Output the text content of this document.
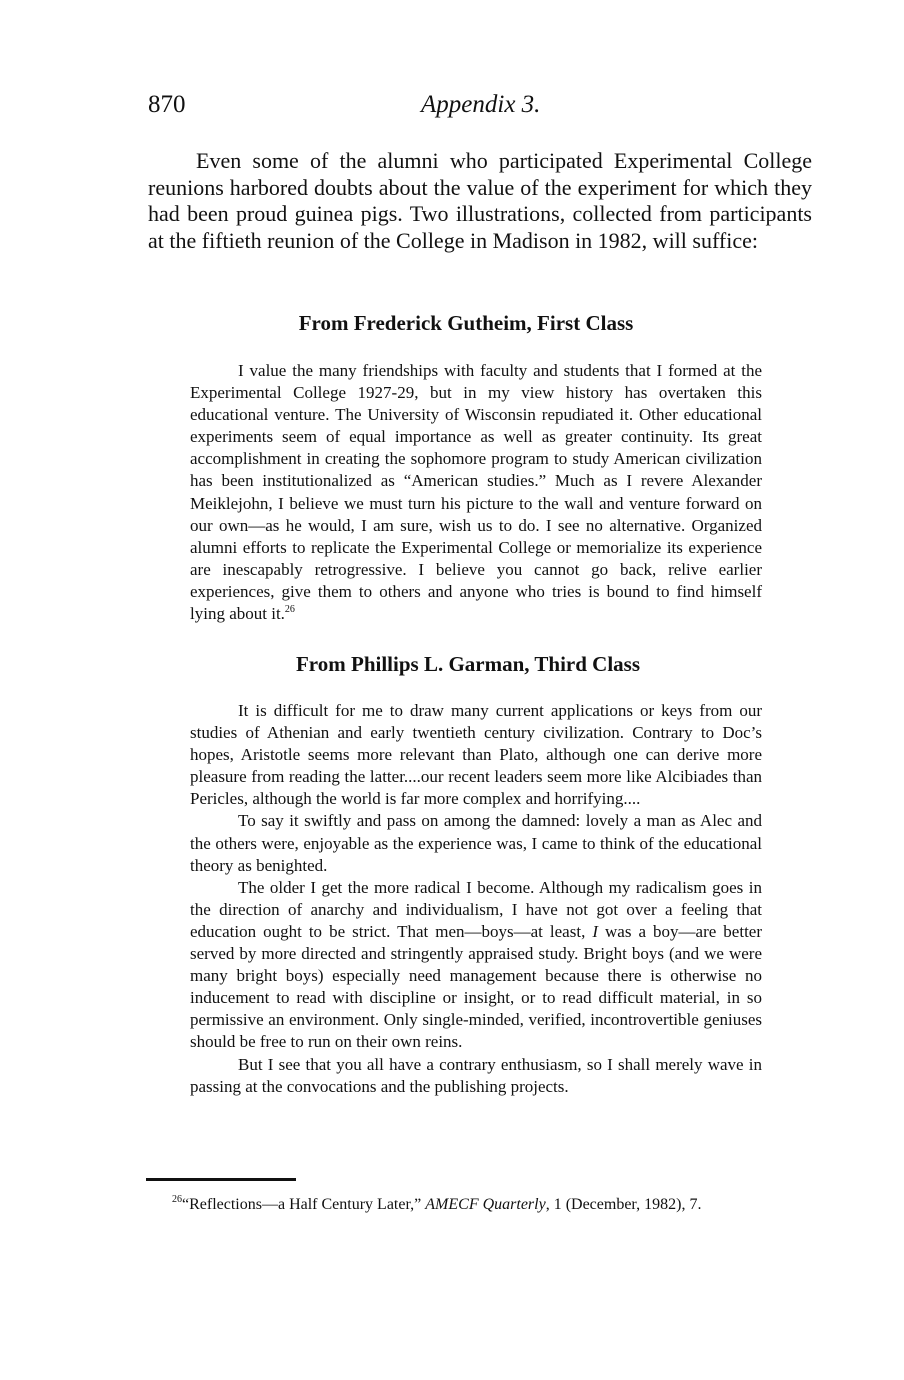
870	Appendix 3.

Even some of the alumni who participated Experimental College reunions harbored doubts about the value of the experiment for which they had been proud guinea pigs. Two illustrations, collected from participants at the fiftieth reunion of the College in Madison in 1982, will suffice:

From Frederick Gutheim, First Class

I value the many friendships with faculty and students that I formed at the Experimental College 1927-29, but in my view history has overtaken this educational venture. The University of Wisconsin repudiated it. Other educational experiments seem of equal importance as well as greater continuity. Its great accomplishment in creating the sophomore program to study American civilization has been institutionalized as “American studies.” Much as I revere Alexander Meiklejohn, I believe we must turn his picture to the wall and venture forward on our own—as he would, I am sure, wish us to do. I see no alternative. Organized alumni efforts to replicate the Experimental College or memorialize its experience are inescapably retrogressive. I believe you cannot go back, relive earlier experiences, give them to others and anyone who tries is bound to find himself lying about it.$^{26}$

From Phillips L. Garman, Third Class

It is difficult for me to draw many current applications or keys from our studies of Athenian and early twentieth century civilization. Contrary to Doc’s hopes, Aristotle seems more relevant than Plato, although one can derive more pleasure from reading the latter....our recent leaders seem more like Alcibiades than Pericles, although the world is far more complex and horrifying....

To say it swiftly and pass on among the damned: lovely a man as Alec and the others were, enjoyable as the experience was, I came to think of the educational theory as benighted.

The older I get the more radical I become. Although my radicalism goes in the direction of anarchy and individualism, I have not got over a feeling that education ought to be strict. That men—boys—at least, I was a boy—are better served by more directed and stringently appraised study. Bright boys (and we were many bright boys) especially need management because there is otherwise no inducement to read with discipline or insight, or to read difficult material, in so permissive an environment. Only single-minded, verified, incontrovertible geniuses should be free to run on their own reins.

But I see that you all have a contrary enthusiasm, so I shall merely wave in passing at the convocations and the publishing projects.

$^{26}$“Reflections—a Half Century Later,” AMECF Quarterly, 1 (December, 1982), 7.
